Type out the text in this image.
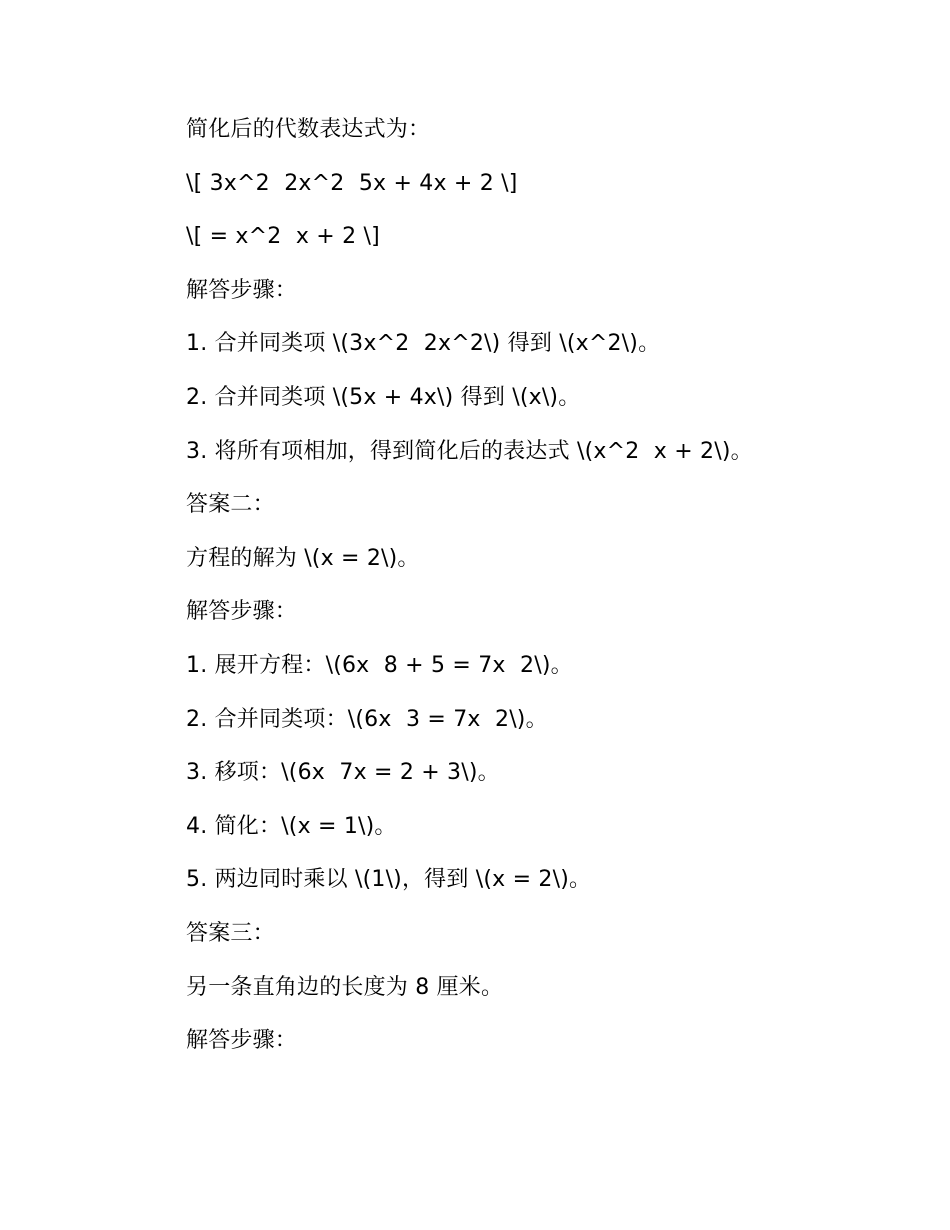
简化后的代数表达式为：
\[ 3x^2  2x^2  5x + 4x + 2 \]
\[ = x^2  x + 2 \]
解答步骤：
1. 合并同类项 \(3x^2  2x^2\) 得到 \(x^2\)。
2. 合并同类项 \(5x + 4x\) 得到 \(x\)。
3. 将所有项相加，得到简化后的表达式 \(x^2  x + 2\)。
答案二：
方程的解为 \(x = 2\)。
解答步骤：
1. 展开方程：\(6x  8 + 5 = 7x  2\)。
2. 合并同类项：\(6x  3 = 7x  2\)。
3. 移项：\(6x  7x = 2 + 3\)。
4. 简化：\(x = 1\)。
5. 两边同时乘以 \(1\)，得到 \(x = 2\)。
答案三：
另一条直角边的长度为 8 厘米。
解答步骤：
